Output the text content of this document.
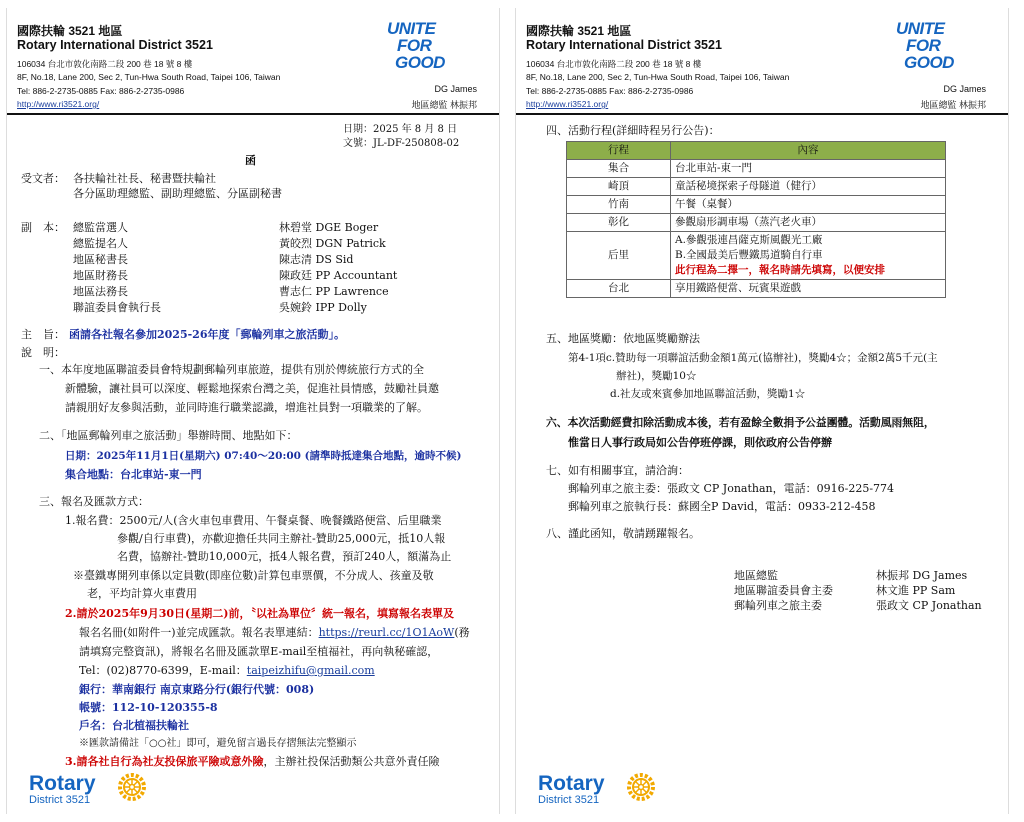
國際扶輪 3521 地區
Rotary International District 3521
106034 台北市敦化南路二段 200 巷 18 號 8 樓
8F, No.18, Lane 200, Sec 2, Tun-Hwa South Road, Taipei 106, Taiwan
Tel: 886-2-2735-0885 Fax: 886-2-2735-0986
http://www.ri3521.org/
UNITE
FOR
GOOD
DG James
地區總監 林振邦
日期：2025 年 8 月 8 日
文號：JL-DF-250808-02
函
受文者： 各扶輪社社長、秘書暨扶輪社
各分區助理總監、副助理總監、分區副秘書
副　本： 總監當選人	林碧堂 DGE Boger
總監提名人	黃皎烈 DGN Patrick
地區秘書長	陳志清 DS Sid
地區財務長	陳政廷 PP Accountant
地區法務長	曹志仁 PP Lawrence
聯誼委員會執行長	吳婉鈴 IPP Dolly
主　旨： 函請各社報名參加2025-26年度「郵輪列車之旅活動」。
說　明：
一、本年度地區聯誼委員會特規劃郵輪列車旅遊，提供有別於傳統旅行方式的全
新體驗，讓社員可以深度、輕鬆地探索台灣之美，促進社員情感，鼓勵社員邀
請親朋好友參與活動，並同時進行職業認識，增進社員對一項職業的了解。
二、「地區郵輪列車之旅活動」舉辦時間、地點如下：
日期：2025年11月1日(星期六) 07:40～20:00 (請準時抵達集合地點，逾時不候)
集合地點：台北車站-東一門
三、報名及匯款方式：
1.報名費：2500元/人(含火車包車費用、午餐桌餐、晚餐鐵路便當、后里職業
參觀/自行車費)，亦歡迎擔任共同主辦社-贊助25,000元，抵10人報
名費，協辦社-贊助10,000元，抵4人報名費，預訂240人，額滿為止
※臺鐵專開列車係以定員數(即座位數)計算包車票價，不分成人、孩童及敬
老，平均計算火車費用
2.請於2025年9月30日(星期二)前，〝以社為單位〞統一報名，填寫報名表單及
報名名冊(如附件一)並完成匯款。報名表單連結：https://reurl.cc/1O1AoW(務
請填寫完整資訊)，將報名名冊及匯款單E-mail至植福社，再向執秘確認，
Tel：(02)8770-6399，E-mail：taipeizhifu@gmail.com
銀行：華南銀行 南京東路分行(銀行代號：008)
帳號：112-10-120355-8
戶名：台北植福扶輪社
※匯款請備註「○○社」即可，避免留言過長存摺無法完整顯示
3.請各社自行為社友投保旅平險或意外險，主辦社投保活動類公共意外責任險
Rotary
District 3521
國際扶輪 3521 地區
Rotary International District 3521
106034 台北市敦化南路二段 200 巷 18 號 8 樓
8F, No.18, Lane 200, Sec 2, Tun-Hwa South Road, Taipei 106, Taiwan
Tel: 886-2-2735-0885 Fax: 886-2-2735-0986
http://www.ri3521.org/
UNITE
FOR
GOOD
DG James
地區總監 林振邦
四、活動行程(詳細時程另行公告)：
行程	內容
集合	台北車站-東一門
崎頂	童話秘境探索子母隧道（健行）
竹南	午餐（桌餐）
彰化	參觀扇形調車場（蒸汽老火車）
后里	A.參觀張連昌薩克斯風觀光工廠
B.全國最美后豐鐵馬道騎自行車
此行程為二擇一，報名時請先填寫，以便安排

台北	享用鐵路便當、玩賓果遊戲
五、地區獎勵：依地區獎勵辦法
第4-1項c.贊助每一項聯誼活動金額1萬元(協辦社)，獎勵4☆；金額2萬5千元(主
辦社)，獎勵10☆
d.社友或來賓參加地區聯誼活動，獎勵1☆
六、本次活動經費扣除活動成本後，若有盈餘全數捐予公益團體。活動風雨無阻，
惟當日人事行政局如公告停班停課，則依政府公告停辦
七、如有相關事宜，請洽詢：
郵輪列車之旅主委：張政文 CP Jonathan，電話：0916-225-774
郵輪列車之旅執行長：蘇國全P David，電話：0933-212-458
八、謹此函知，敬請踴躍報名。
地區總監	林振邦 DG James
地區聯誼委員會主委	林文進 PP Sam
郵輪列車之旅主委	張政文 CP Jonathan
Rotary
District 3521
